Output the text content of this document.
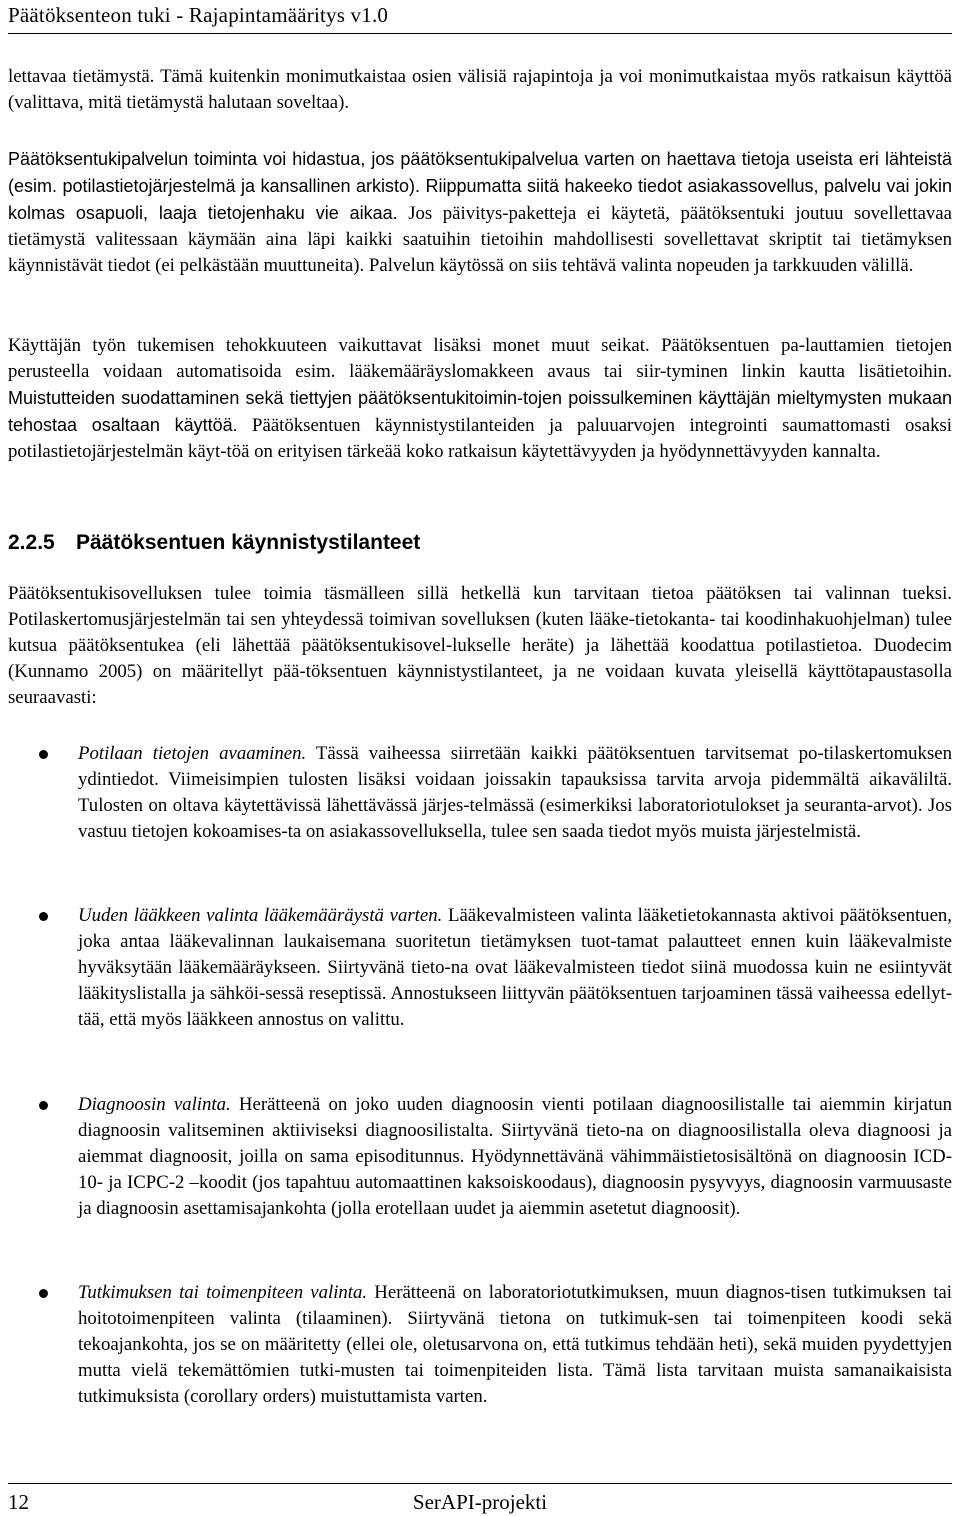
Päätöksenteon tuki - Rajapintamääritys v1.0

lettavaa tietämystä. Tämä kuitenkin monimutkaistaa osien välisiä rajapintoja ja voi monimutkaistaa myös ratkaisun käyttöä (valittava, mitä tietämystä halutaan soveltaa).

Päätöksentukipalvelun toiminta voi hidastua, jos päätöksentukipalvelua varten on haettava tietoja useista eri lähteistä (esim. potilastietojärjestelmä ja kansallinen arkisto). Riippumatta siitä hakeeko tiedot asiakassovellus, palvelu vai jokin kolmas osapuoli, laaja tietojenhaku vie aikaa. Jos päivitys-paketteja ei käytetä, päätöksentuki joutuu sovellettavaa tietämystä valitessaan käymään aina läpi kaikki saatuihin tietoihin mahdollisesti sovellettavat skriptit tai tietämyksen käynnistävät tiedot (ei pelkästään muuttuneita). Palvelun käytössä on siis tehtävä valinta nopeuden ja tarkkuuden välillä.

Käyttäjän työn tukemisen tehokkuuteen vaikuttavat lisäksi monet muut seikat. Päätöksentuen pa-lauttamien tietojen perusteella voidaan automatisoida esim. lääkemääräyslomakkeen avaus tai siir-tyminen linkin kautta lisätietoihin. Muistutteiden suodattaminen sekä tiettyjen päätöksentukitoimin-tojen poissulkeminen käyttäjän mieltymysten mukaan tehostaa osaltaan käyttöä. Päätöksentuen käynnistystilanteiden ja paluuarvojen integrointi saumattomasti osaksi potilastietojärjestelmän käyt-töä on erityisen tärkeää koko ratkaisun käytettävyyden ja hyödynnettävyyden kannalta.

2.2.5 Päätöksentuen käynnistystilanteet

Päätöksentukisovelluksen tulee toimia täsmälleen sillä hetkellä kun tarvitaan tietoa päätöksen tai valinnan tueksi. Potilaskertomusjärjestelmän tai sen yhteydessä toimivan sovelluksen (kuten lääke-tietokanta- tai koodinhakuohjelman) tulee kutsua päätöksentukea (eli lähettää päätöksentukisovel-lukselle heräte) ja lähettää koodattua potilastietoa. Duodecim (Kunnamo 2005) on määritellyt pää-töksentuen käynnistystilanteet, ja ne voidaan kuvata yleisellä käyttötapaustasolla seuraavasti:

Potilaan tietojen avaaminen. Tässä vaiheessa siirretään kaikki päätöksentuen tarvitsemat po-tilaskertomuksen ydintiedot. Viimeisimpien tulosten lisäksi voidaan joissakin tapauksissa tarvita arvoja pidemmältä aikaväliltä. Tulosten on oltava käytettävissä lähettävässä järjes-telmässä (esimerkiksi laboratoriotulokset ja seuranta-arvot). Jos vastuu tietojen kokoamises-ta on asiakassovelluksella, tulee sen saada tiedot myös muista järjestelmistä.

Uuden lääkkeen valinta lääkemääräystä varten. Lääkevalmisteen valinta lääketietokannasta aktivoi päätöksentuen, joka antaa lääkevalinnan laukaisemana suoritetun tietämyksen tuot-tamat palautteet ennen kuin lääkevalmiste hyväksytään lääkemääräykseen. Siirtyvänä tieto-na ovat lääkevalmisteen tiedot siinä muodossa kuin ne esiintyvät lääkityslistalla ja sähköi-sessä reseptissä. Annostukseen liittyvän päätöksentuen tarjoaminen tässä vaiheessa edellyt-tää, että myös lääkkeen annostus on valittu.

Diagnoosin valinta. Herätteenä on joko uuden diagnoosin vienti potilaan diagnoosilistalle tai aiemmin kirjatun diagnoosin valitseminen aktiiviseksi diagnoosilistalta. Siirtyvänä tieto-na on diagnoosilistalla oleva diagnoosi ja aiemmat diagnoosit, joilla on sama episoditunnus. Hyödynnettävänä vähimmäistietosisältönä on diagnoosin ICD-10- ja ICPC-2 –koodit (jos tapahtuu automaattinen kaksoiskoodaus), diagnoosin pysyvyys, diagnoosin varmuusaste ja diagnoosin asettamisajankohta (jolla erotellaan uudet ja aiemmin asetetut diagnoosit).

Tutkimuksen tai toimenpiteen valinta. Herätteenä on laboratoriotutkimuksen, muun diagnos-tisen tutkimuksen tai hoitotoimenpiteen valinta (tilaaminen). Siirtyvänä tietona on tutkimuk-sen tai toimenpiteen koodi sekä tekoajankohta, jos se on määritetty (ellei ole, oletusarvona on, että tutkimus tehdään heti), sekä muiden pyydettyjen mutta vielä tekemättömien tutki-musten tai toimenpiteiden lista. Tämä lista tarvitaan muista samanaikaisista tutkimuksista (corollary orders) muistuttamista varten.

12	SerAPI-projekti
